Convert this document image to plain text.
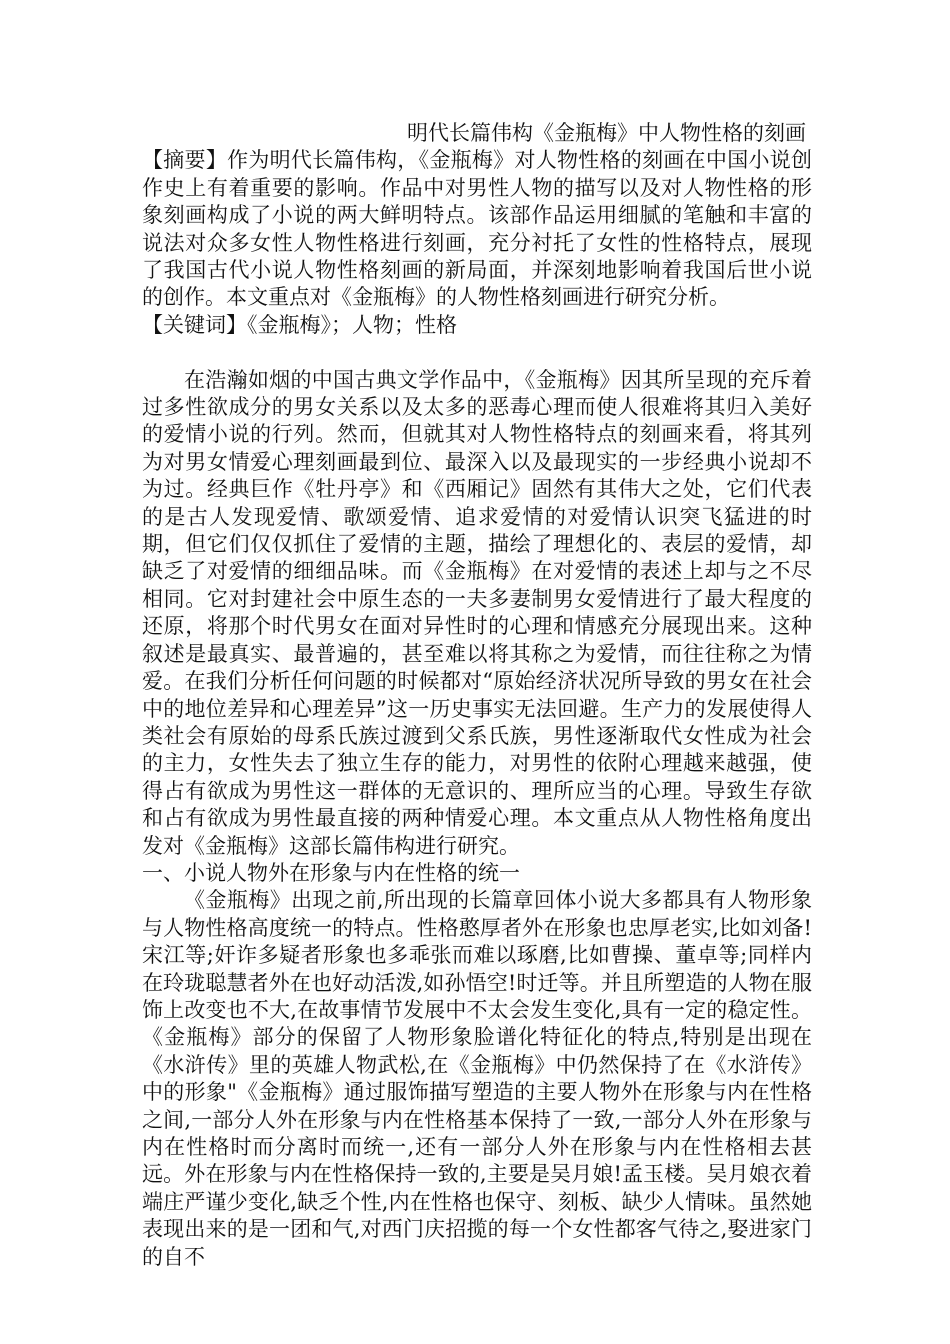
明代长篇伟构《金瓶梅》中人物性格的刻画

【摘要】作为明代长篇伟构，《金瓶梅》对人物性格的刻画在中国小说创作史上有着重要的影响。作品中对男性人物的描写以及对人物性格的形象刻画构成了小说的两大鲜明特点。该部作品运用细腻的笔触和丰富的说法对众多女性人物性格进行刻画，充分衬托了女性的性格特点，展现了我国古代小说人物性格刻画的新局面，并深刻地影响着我国后世小说的创作。本文重点对《金瓶梅》的人物性格刻画进行研究分析。

【关键词】《金瓶梅》；人物；性格

在浩瀚如烟的中国古典文学作品中，《金瓶梅》因其所呈现的充斥着过多性欲成分的男女关系以及太多的恶毒心理而使人很难将其归入美好的爱情小说的行列。然而，但就其对人物性格特点的刻画来看，将其列为对男女情爱心理刻画最到位、最深入以及最现实的一步经典小说却不为过。经典巨作《牡丹亭》和《西厢记》固然有其伟大之处，它们代表的是古人发现爱情、歌颂爱情、追求爱情的对爱情认识突飞猛进的时期，但它们仅仅抓住了爱情的主题，描绘了理想化的、表层的爱情，却缺乏了对爱情的细细品味。而《金瓶梅》在对爱情的表述上却与之不尽相同。它对封建社会中原生态的一夫多妻制男女爱情进行了最大程度的还原，将那个时代男女在面对异性时的心理和情感充分展现出来。这种叙述是最真实、最普遍的，甚至难以将其称之为爱情，而往往称之为情爱。在我们分析任何问题的时候都对“原始经济状况所导致的男女在社会中的地位差异和心理差异”这一历史事实无法回避。生产力的发展使得人类社会有原始的母系氏族过渡到父系氏族，男性逐渐取代女性成为社会的主力，女性失去了独立生存的能力，对男性的依附心理越来越强，使得占有欲成为男性这一群体的无意识的、理所应当的心理。导致生存欲和占有欲成为男性最直接的两种情爱心理。本文重点从人物性格角度出发对《金瓶梅》这部长篇伟构进行研究。

一、小说人物外在形象与内在性格的统一

《金瓶梅》出现之前,所出现的长篇章回体小说大多都具有人物形象与人物性格高度统一的特点。性格憨厚者外在形象也忠厚老实,比如刘备!宋江等;奸诈多疑者形象也多乖张而难以琢磨,比如曹操、董卓等;同样内在玲珑聪慧者外在也好动活泼,如孙悟空!时迁等。并且所塑造的人物在服饰上改变也不大,在故事情节发展中不太会发生变化,具有一定的稳定性。《金瓶梅》部分的保留了人物形象脸谱化特征化的特点,特别是出现在《水浒传》里的英雄人物武松,在《金瓶梅》中仍然保持了在《水浒传》中的形象"《金瓶梅》通过服饰描写塑造的主要人物外在形象与内在性格之间,一部分人外在形象与内在性格基本保持了一致,一部分人外在形象与内在性格时而分离时而统一,还有一部分人外在形象与内在性格相去甚远。外在形象与内在性格保持一致的,主要是吴月娘!孟玉楼。吴月娘衣着端庄严谨少变化,缺乏个性,内在性格也保守、刻板、缺少人情味。虽然她表现出来的是一团和气,对西门庆招揽的每一个女性都客气待之,娶进家门的自不
